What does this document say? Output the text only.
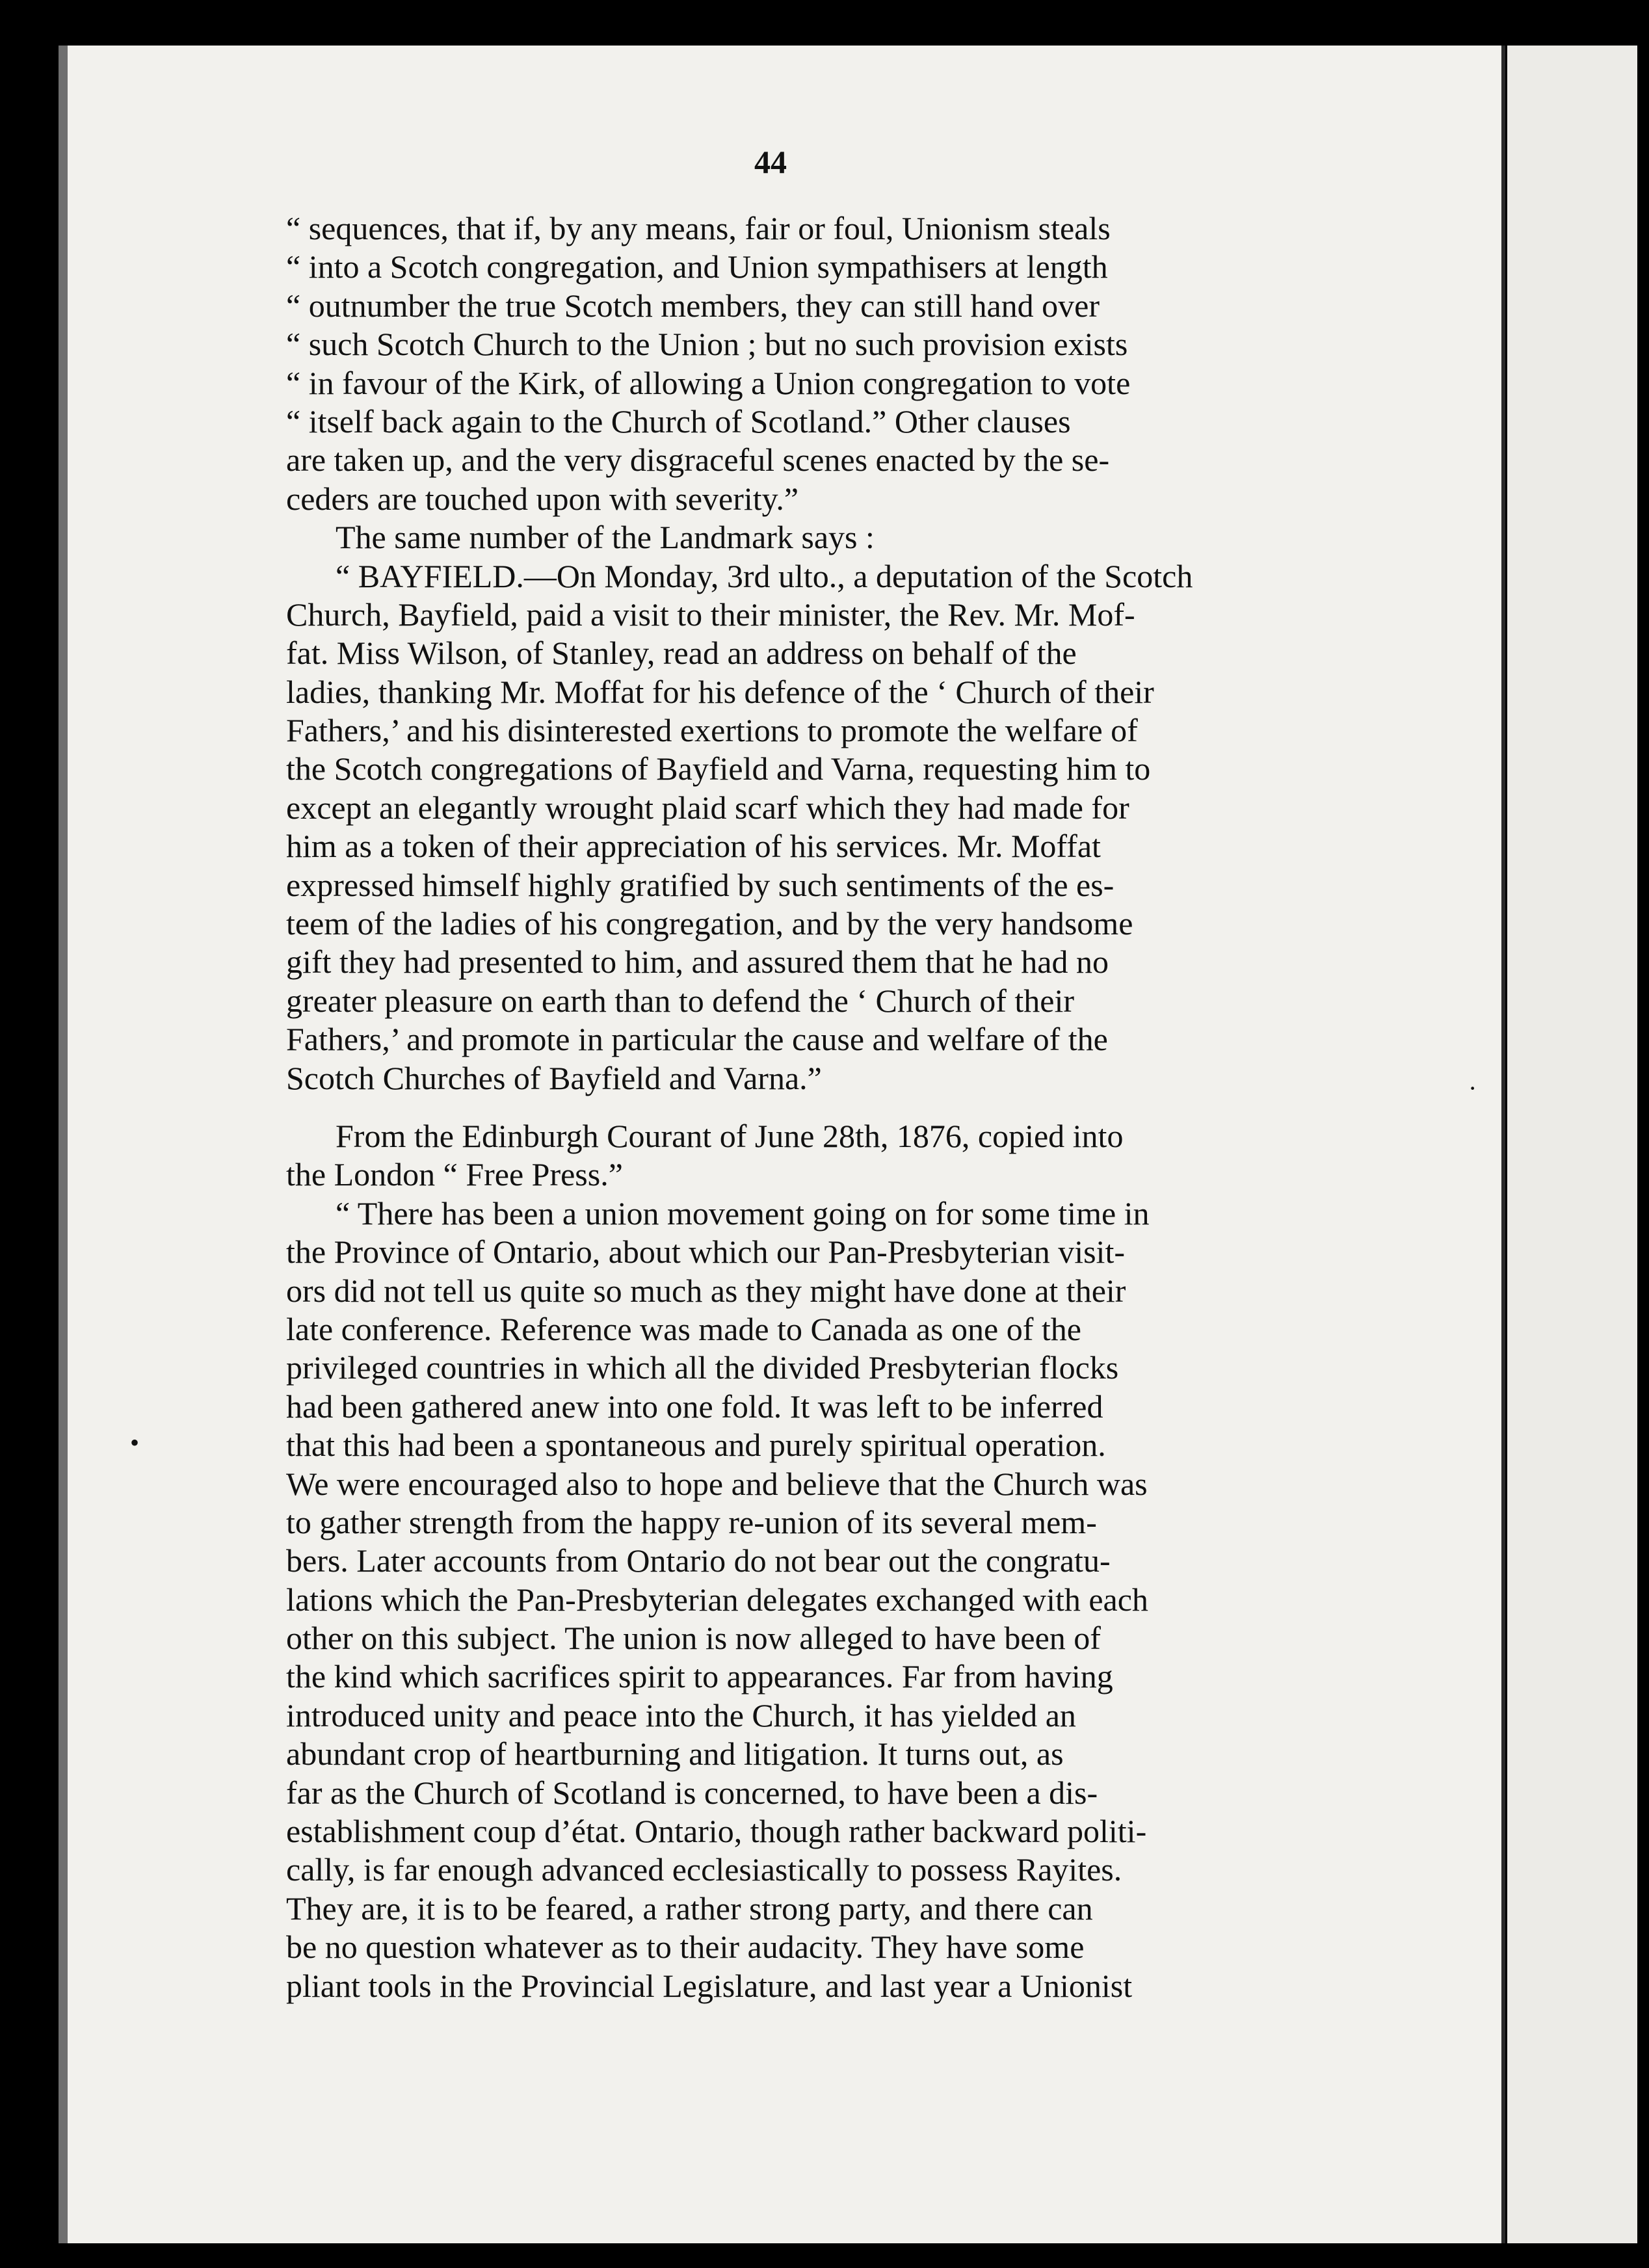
44
“ sequences, that if, by any means, fair or foul, Unionism steals
“ into a Scotch congregation, and Union sympathisers at length
“ outnumber the true Scotch members, they can still hand over
“ such Scotch Church to the Union ; but no such provision exists
“ in favour of the Kirk, of allowing a Union congregation to vote
“ itself back again to the Church of Scotland.” Other clauses
are taken up, and the very disgraceful scenes enacted by the se-
ceders are touched upon with severity.”
The same number of the Landmark says :
“ BAYFIELD.—On Monday, 3rd ulto., a deputation of the Scotch
Church, Bayfield, paid a visit to their minister, the Rev. Mr. Mof-
fat. Miss Wilson, of Stanley, read an address on behalf of the
ladies, thanking Mr. Moffat for his defence of the ‘ Church of their
Fathers,’ and his disinterested exertions to promote the welfare of
the Scotch congregations of Bayfield and Varna, requesting him to
except an elegantly wrought plaid scarf which they had made for
him as a token of their appreciation of his services. Mr. Moffat
expressed himself highly gratified by such sentiments of the es-
teem of the ladies of his congregation, and by the very handsome
gift they had presented to him, and assured them that he had no
greater pleasure on earth than to defend the ‘ Church of their
Fathers,’ and promote in particular the cause and welfare of the
Scotch Churches of Bayfield and Varna.”
From the Edinburgh Courant of June 28th, 1876, copied into
the London “ Free Press.”
“ There has been a union movement going on for some time in
the Province of Ontario, about which our Pan-Presbyterian visit-
ors did not tell us quite so much as they might have done at their
late conference. Reference was made to Canada as one of the
privileged countries in which all the divided Presbyterian flocks
had been gathered anew into one fold. It was left to be inferred
that this had been a spontaneous and purely spiritual operation.
We were encouraged also to hope and believe that the Church was
to gather strength from the happy re-union of its several mem-
bers. Later accounts from Ontario do not bear out the congratu-
lations which the Pan-Presbyterian delegates exchanged with each
other on this subject. The union is now alleged to have been of
the kind which sacrifices spirit to appearances. Far from having
introduced unity and peace into the Church, it has yielded an
abundant crop of heartburning and litigation. It turns out, as
far as the Church of Scotland is concerned, to have been a dis-
establishment coup d’état. Ontario, though rather backward politi-
cally, is far enough advanced ecclesiastically to possess Rayites.
They are, it is to be feared, a rather strong party, and there can
be no question whatever as to their audacity. They have some
pliant tools in the Provincial Legislature, and last year a Unionist
•
·
